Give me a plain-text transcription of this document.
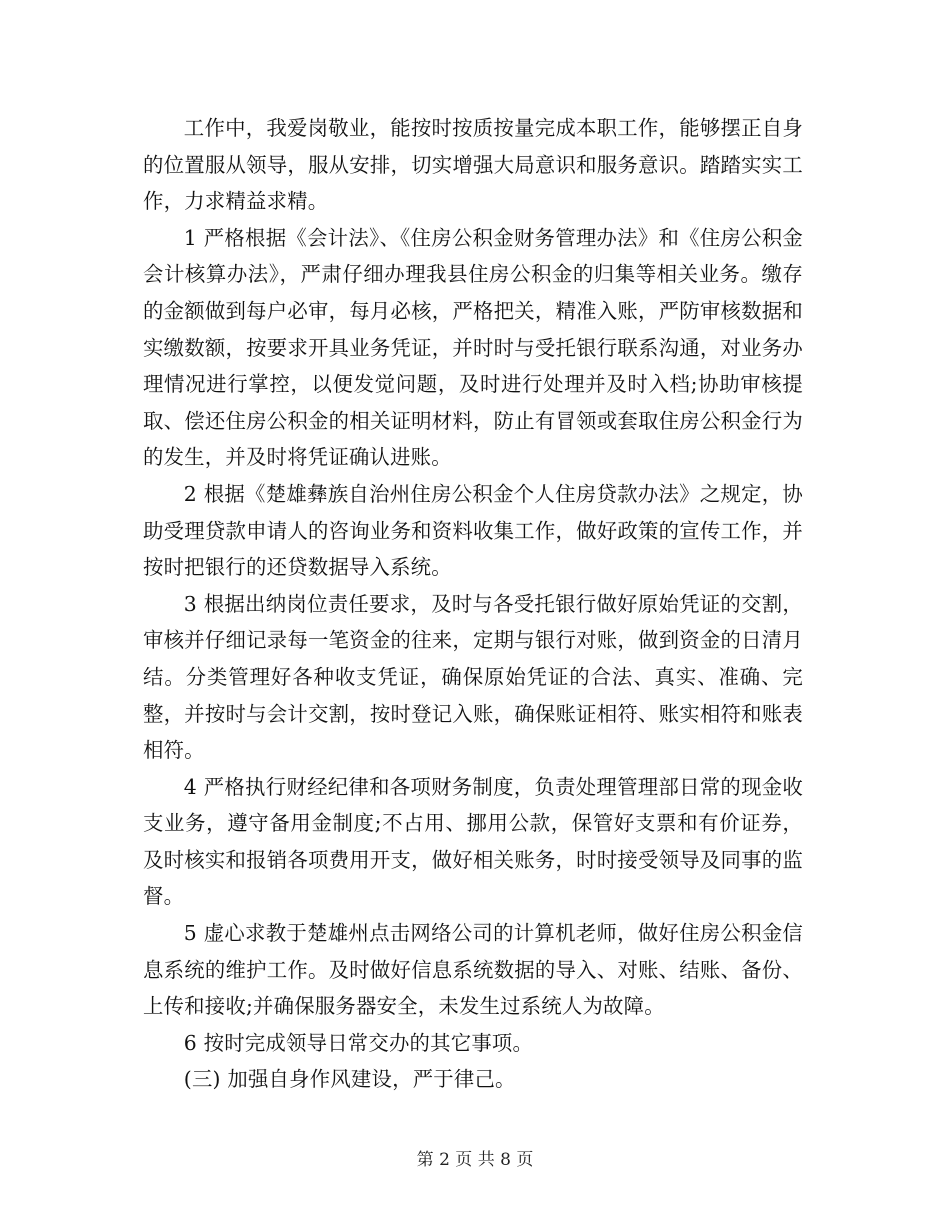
工作中，我爱岗敬业，能按时按质按量完成本职工作，能够摆正自身的位置服从领导，服从安排，切实增强大局意识和服务意识。踏踏实实工作，力求精益求精。

1 严格根据《会计法》、《住房公积金财务管理办法》和《住房公积金会计核算办法》，严肃仔细办理我县住房公积金的归集等相关业务。缴存的金额做到每户必审，每月必核，严格把关，精准入账，严防审核数据和实缴数额，按要求开具业务凭证，并时时与受托银行联系沟通，对业务办理情况进行掌控，以便发觉问题，及时进行处理并及时入档;协助审核提取、偿还住房公积金的相关证明材料，防止有冒领或套取住房公积金行为的发生，并及时将凭证确认进账。

2 根据《楚雄彝族自治州住房公积金个人住房贷款办法》之规定，协助受理贷款申请人的咨询业务和资料收集工作，做好政策的宣传工作，并按时把银行的还贷数据导入系统。

3 根据出纳岗位责任要求，及时与各受托银行做好原始凭证的交割，审核并仔细记录每一笔资金的往来，定期与银行对账，做到资金的日清月结。分类管理好各种收支凭证，确保原始凭证的合法、真实、准确、完整，并按时与会计交割，按时登记入账，确保账证相符、账实相符和账表相符。

4 严格执行财经纪律和各项财务制度，负责处理管理部日常的现金收支业务，遵守备用金制度;不占用、挪用公款，保管好支票和有价证券，及时核实和报销各项费用开支，做好相关账务，时时接受领导及同事的监督。

5 虚心求教于楚雄州点击网络公司的计算机老师，做好住房公积金信息系统的维护工作。及时做好信息系统数据的导入、对账、结账、备份、上传和接收;并确保服务器安全，未发生过系统人为故障。

6 按时完成领导日常交办的其它事项。

(三) 加强自身作风建设，严于律己。

第 2 页 共 8 页
